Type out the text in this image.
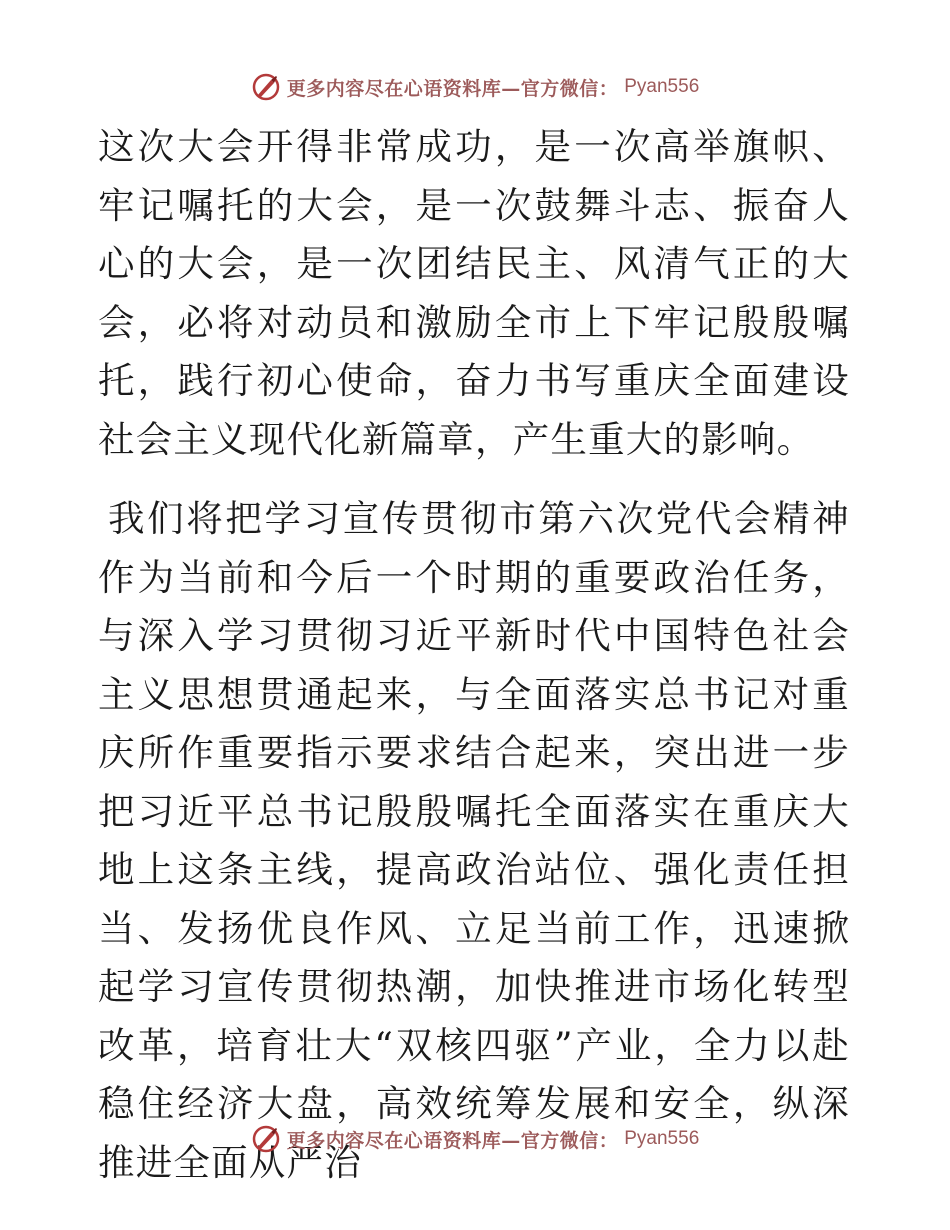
更多内容尽在心语资料库—官方微信： Pyan556

这次大会开得非常成功，是一次高举旗帜、牢记嘱托的大会，是一次鼓舞斗志、振奋人心的大会，是一次团结民主、风清气正的大会，必将对动员和激励全市上下牢记殷殷嘱托，践行初心使命，奋力书写重庆全面建设社会主义现代化新篇章，产生重大的影响。

我们将把学习宣传贯彻市第六次党代会精神作为当前和今后一个时期的重要政治任务，与深入学习贯彻习近平新时代中国特色社会主义思想贯通起来，与全面落实总书记对重庆所作重要指示要求结合起来，突出进一步把习近平总书记殷殷嘱托全面落实在重庆大地上这条主线，提高政治站位、强化责任担当、发扬优良作风、立足当前工作，迅速掀起学习宣传贯彻热潮，加快推进市场化转型改革，培育壮大“双核四驱”产业，全力以赴稳住经济大盘，高效统筹发展和安全，纵深推进全面从严治

更多内容尽在心语资料库—官方微信： Pyan556
